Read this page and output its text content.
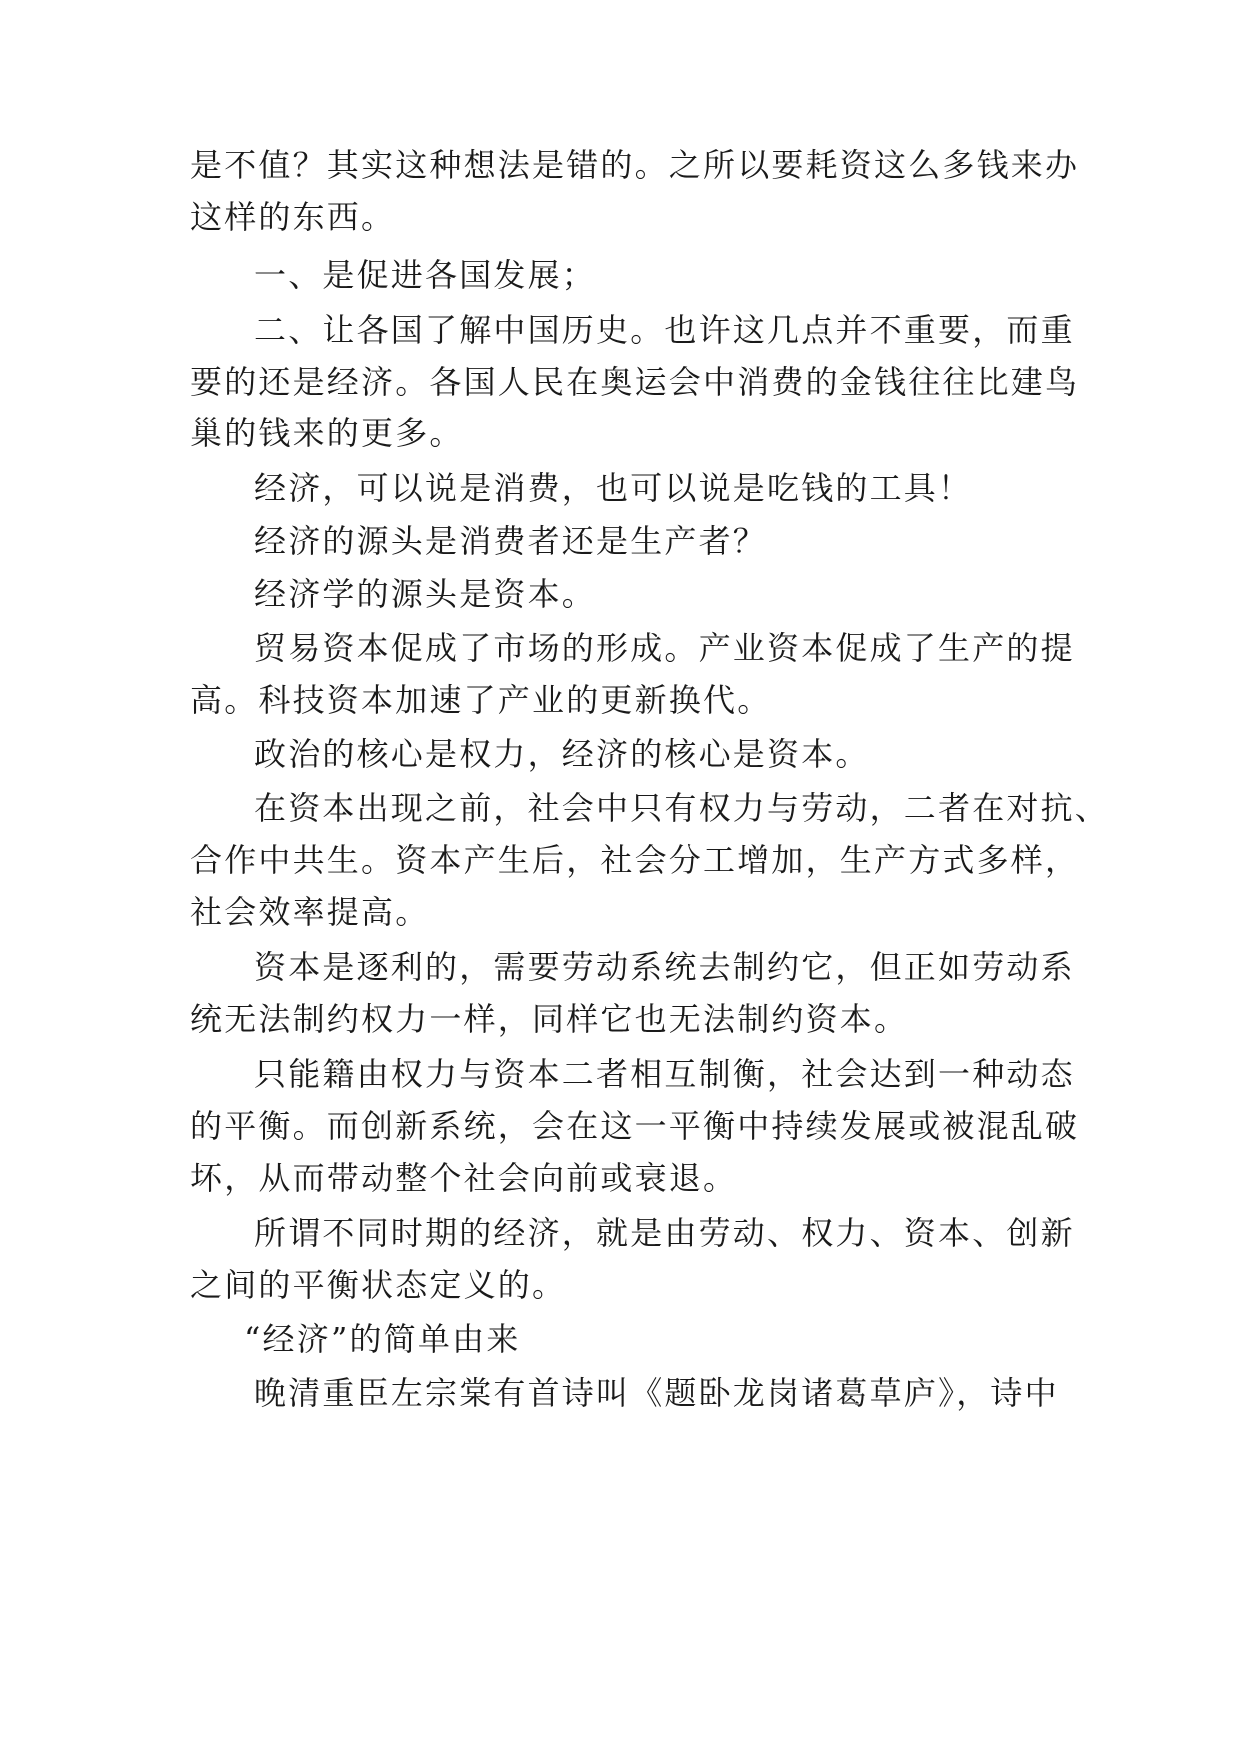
是不值？其实这种想法是错的。之所以要耗资这么多钱来办
这样的东西。
一、是促进各国发展；
二、让各国了解中国历史。也许这几点并不重要，而重
要的还是经济。各国人民在奥运会中消费的金钱往往比建鸟
巢的钱来的更多。
经济，可以说是消费，也可以说是吃钱的工具！
经济的源头是消费者还是生产者？
经济学的源头是资本。
贸易资本促成了市场的形成。产业资本促成了生产的提
高。科技资本加速了产业的更新换代。
政治的核心是权力，经济的核心是资本。
在资本出现之前，社会中只有权力与劳动，二者在对抗、
合作中共生。资本产生后，社会分工增加，生产方式多样，
社会效率提高。
资本是逐利的，需要劳动系统去制约它，但正如劳动系
统无法制约权力一样，同样它也无法制约资本。
只能籍由权力与资本二者相互制衡，社会达到一种动态
的平衡。而创新系统，会在这一平衡中持续发展或被混乱破
坏，从而带动整个社会向前或衰退。
所谓不同时期的经济，就是由劳动、权力、资本、创新
之间的平衡状态定义的。
“经济”的简单由来
晚清重臣左宗棠有首诗叫《题卧龙岗诸葛草庐》，诗中
